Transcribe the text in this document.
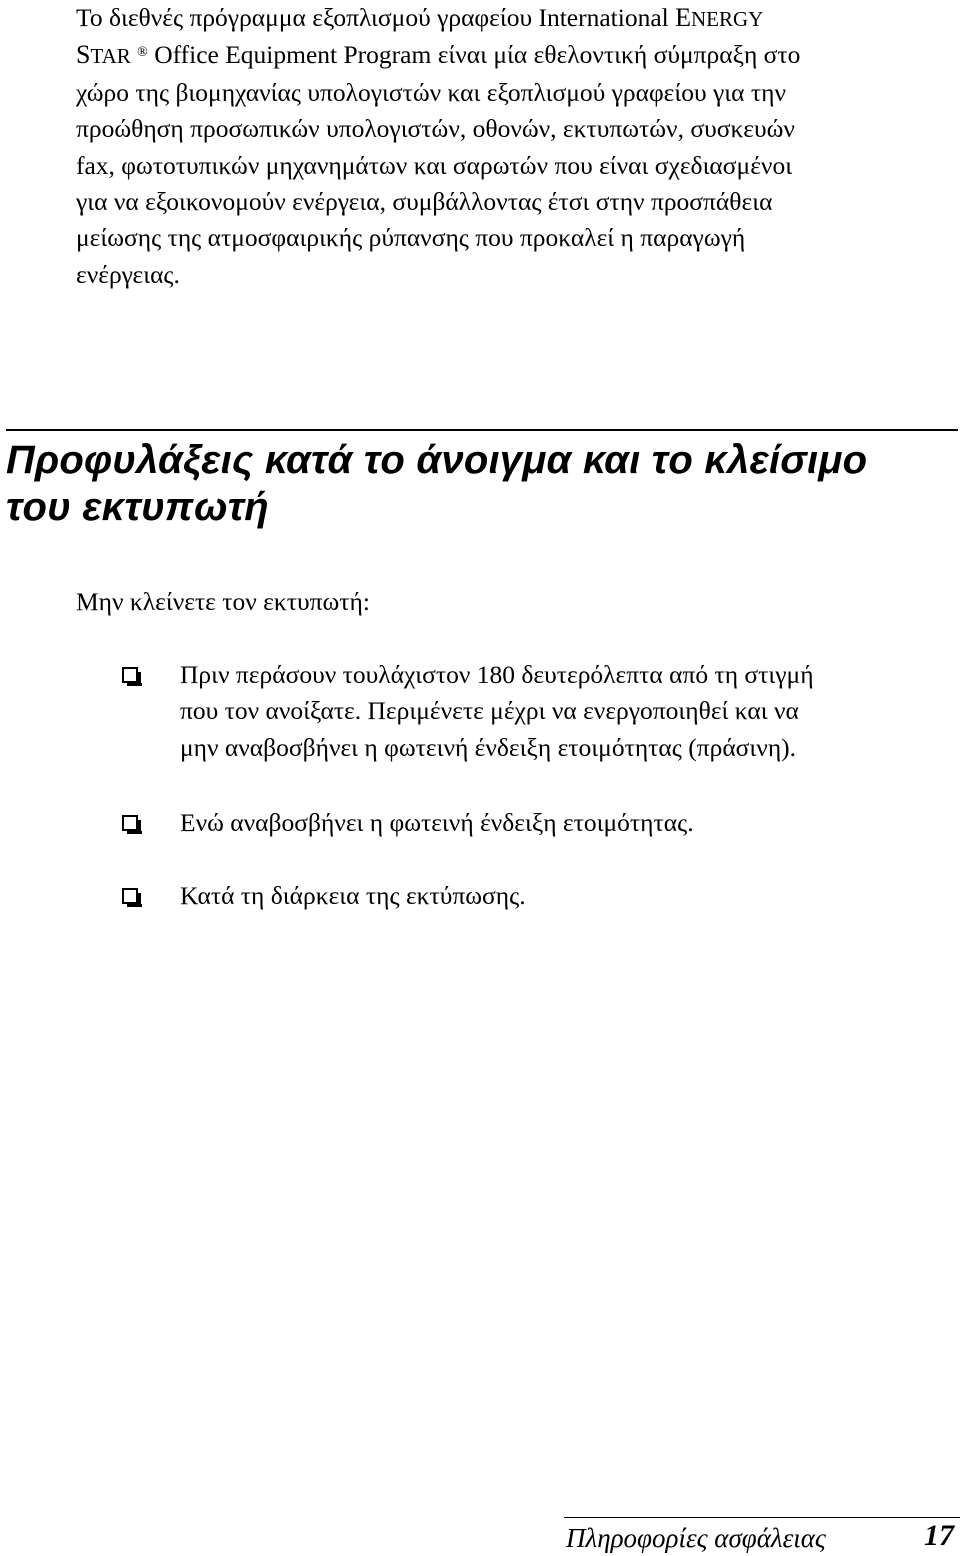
Το διεθνές πρόγραμμα εξοπλισμού γραφείου International ENERGY
STAR ® Office Equipment Program είναι μία εθελοντική σύμπραξη στο
χώρο της βιομηχανίας υπολογιστών και εξοπλισμού γραφείου για την
προώθηση προσωπικών υπολογιστών, οθονών, εκτυπωτών, συσκευών
fax, φωτοτυπικών μηχανημάτων και σαρωτών που είναι σχεδιασμένοι
για να εξοικονομούν ενέργεια, συμβάλλοντας έτσι στην προσπάθεια
μείωσης της ατμοσφαιρικής ρύπανσης που προκαλεί η παραγωγή
ενέργειας.
Προφυλάξεις κατά το άνοιγμα και το κλείσιμο
του εκτυπωτή

Μην κλείνετε τον εκτυπωτή:

Πριν περάσουν τουλάχιστον 180 δευτερόλεπτα από τη στιγμή
που τον ανοίξατε. Περιμένετε μέχρι να ενεργοποιηθεί και να
μην αναβοσβήνει η φωτεινή ένδειξη ετοιμότητας (πράσινη).
Ενώ αναβοσβήνει η φωτεινή ένδειξη ετοιμότητας.
Κατά τη διάρκεια της εκτύπωσης.

Πληροφορίες ασφάλειας	17
